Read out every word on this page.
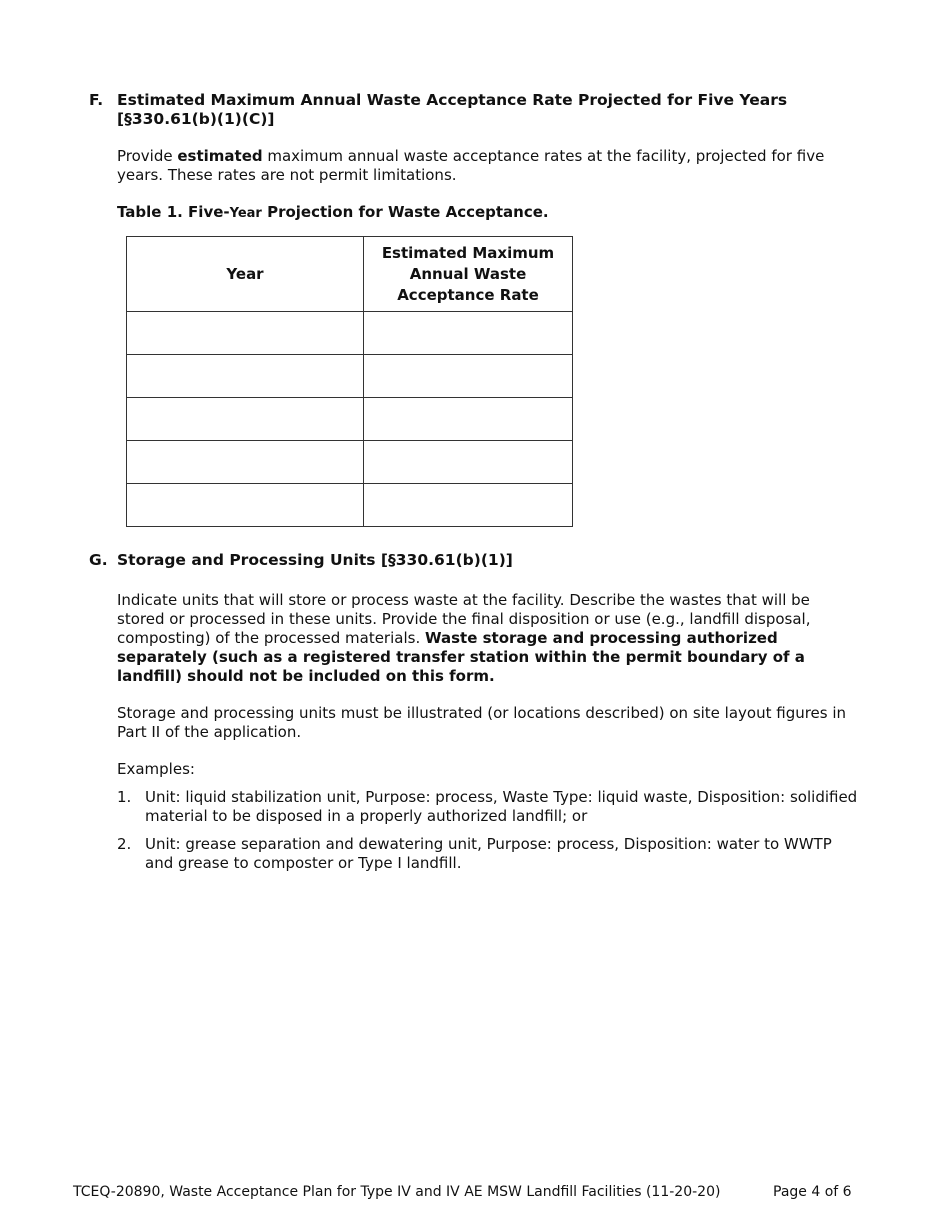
F. Estimated Maximum Annual Waste Acceptance Rate Projected for Five Years [§330.61(b)(1)(C)]
Provide estimated maximum annual waste acceptance rates at the facility, projected for five years. These rates are not permit limitations.
Table 1. Five-Year Projection for Waste Acceptance.
Year	Estimated Maximum Annual Waste Acceptance Rate

G. Storage and Processing Units [§330.61(b)(1)]
Indicate units that will store or process waste at the facility. Describe the wastes that will be stored or processed in these units. Provide the final disposition or use (e.g., landfill disposal, composting) of the processed materials. Waste storage and processing authorized separately (such as a registered transfer station within the permit boundary of a landfill) should not be included on this form.
Storage and processing units must be illustrated (or locations described) on site layout figures in Part II of the application.
Examples:
1. Unit: liquid stabilization unit, Purpose: process, Waste Type: liquid waste, Disposition: solidified material to be disposed in a properly authorized landfill; or
2. Unit: grease separation and dewatering unit, Purpose: process, Disposition: water to WWTP and grease to composter or Type I landfill.
TCEQ-20890, Waste Acceptance Plan for Type IV and IV AE MSW Landfill Facilities (11-20-20)	Page 4 of 6
